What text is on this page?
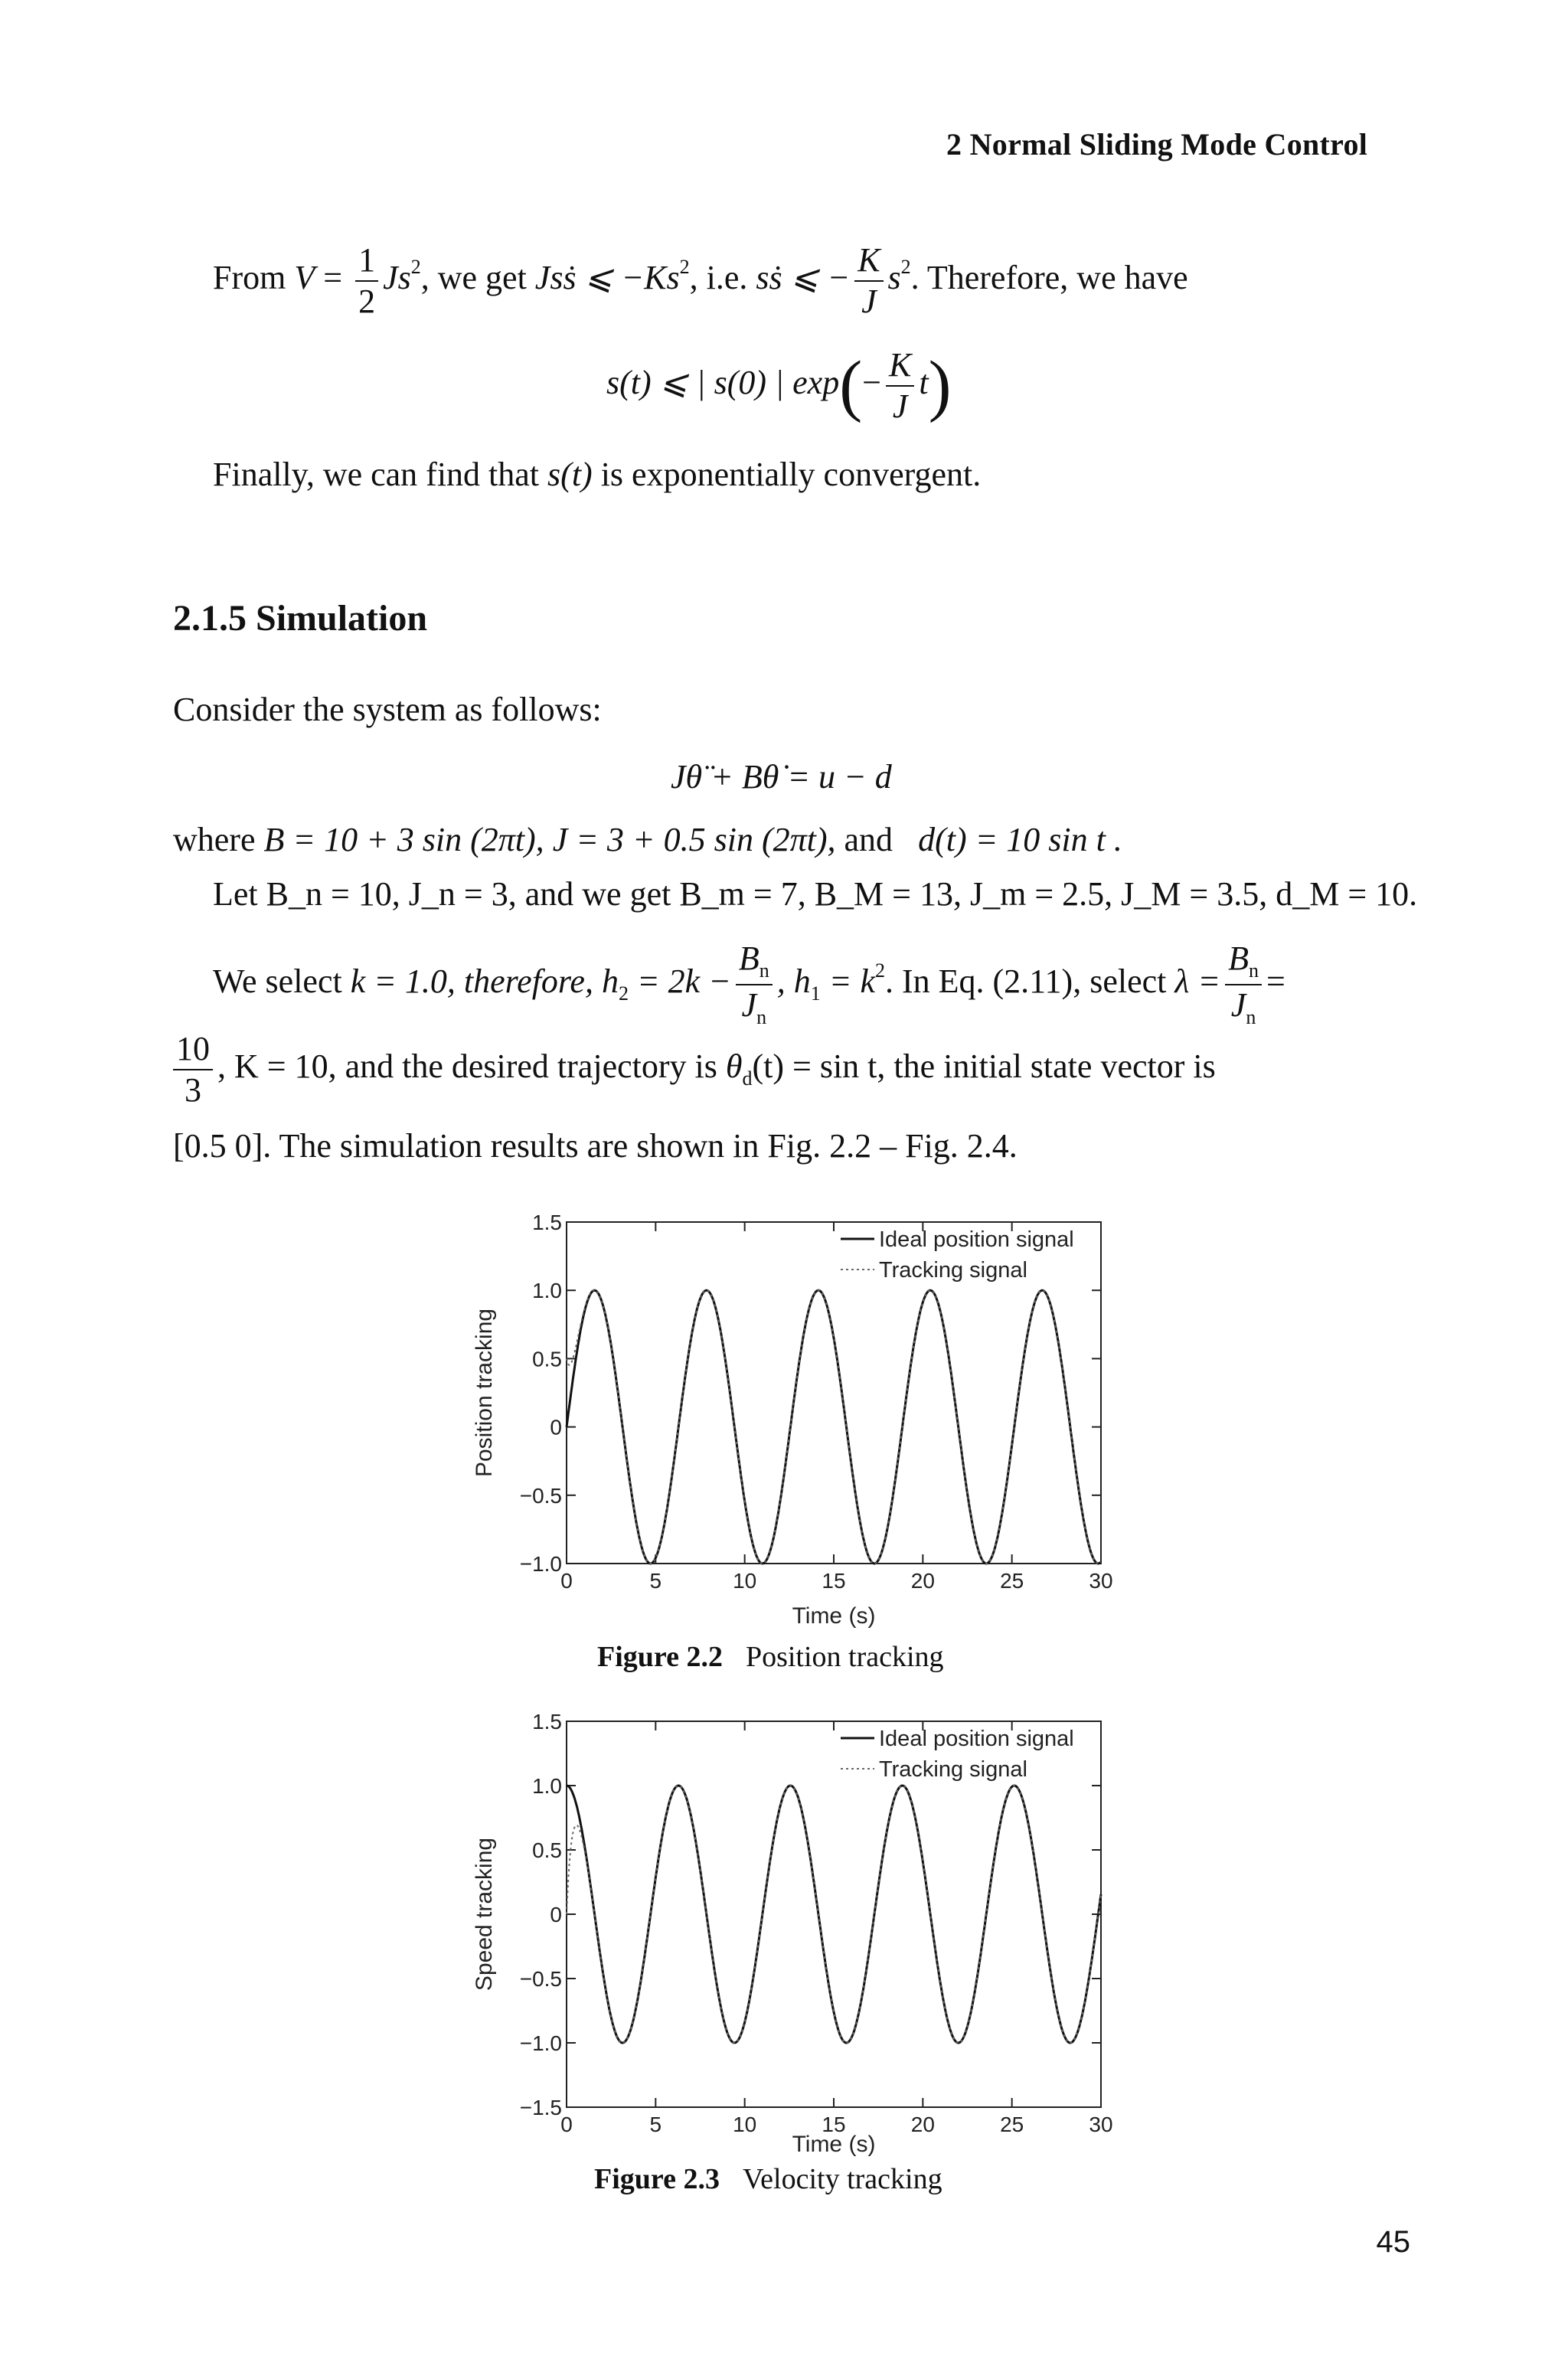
2 Normal Sliding Mode Control
From $V = \frac{1}{2} Js^2$, we get Jsṡ ⩽ $-Ks^2$, i.e. sṡ ⩽ − $\frac{K}{J} s^2$. Therefore, we have
s(t) ⩽ | s(0) | $\exp(- \frac{K}{J} t)$
Finally, we can find that s(t) is exponentially convergent.
2.1.5 Simulation
Consider the system as follows:
Jθ̈ + Bθ̇ = u − d
where B = 10 + 3 sin (2πt), J = 3 + 0.5 sin (2πt), and d(t) = 10 sin t .
Let B_n = 10, J_n = 3, and we get B_m = 7, B_M = 13, J_m = 2.5, J_M = 3.5, d_M = 10.
We select k = 1.0, therefore, $h_2 = 2k - \frac{B_n}{J_n}$ , $h_1 = k^2$. In Eq. (2.11), select $\lambda = \frac{B_n}{J_n}$ =
$\frac{10}{3}$ , K = 10, and the desired trajectory is $\theta_d(t) = \sin t$, the initial state vector is
[0.5 0]. The simulation results are shown in Fig. 2.2 – Fig. 2.4.
0	5	10	15	20	25	30
1.5
1.0
0.5
0
−0.5
−1.0
Time (s)
Position tracking
Ideal position signal
Tracking signal
Figure 2.2 Position tracking
0	5	10	15	20	25	30
1.5
1.0
0.5
0
−0.5
−1.0
−1.5
Time (s)
Speed tracking
Ideal position signal
Tracking signal
Figure 2.3 Velocity tracking
45
